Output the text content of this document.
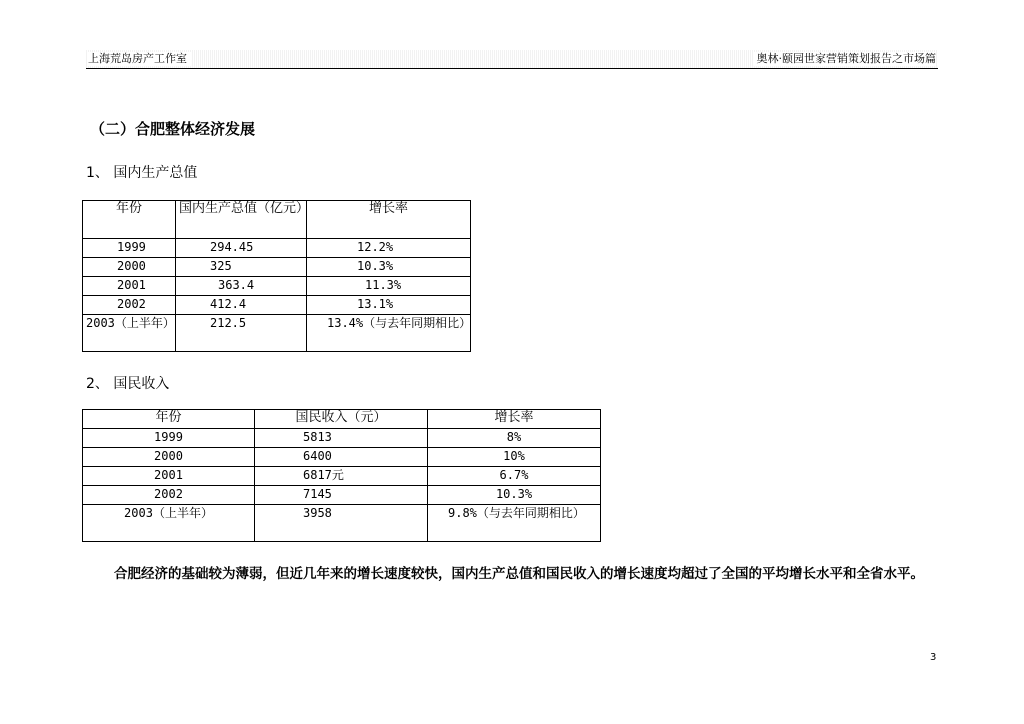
上海荒岛房产工作室	奥林·颐园世家营销策划报告之市场篇
（二）合肥整体经济发展
1、 国内生产总值
年份	国内生产总值（亿元）	增长率
1999	294.45	12.2%
2000	325	10.3%
2001	363.4	11.3%
2002	412.4	13.1%
2003（上半年）	212.5	13.4%（与去年同期相比）
2、 国民收入
年份	国民收入（元）	增长率
1999	5813	8%
2000	6400	10%
2001	6817元	6.7%
2002	7145	10.3%
2003（上半年）	3958	9.8%（与去年同期相比）
合肥经济的基础较为薄弱，但近几年来的增长速度较快，国内生产总值和国民收入的增长速度均超过了全国的平均增长水平和全省水平。
3
